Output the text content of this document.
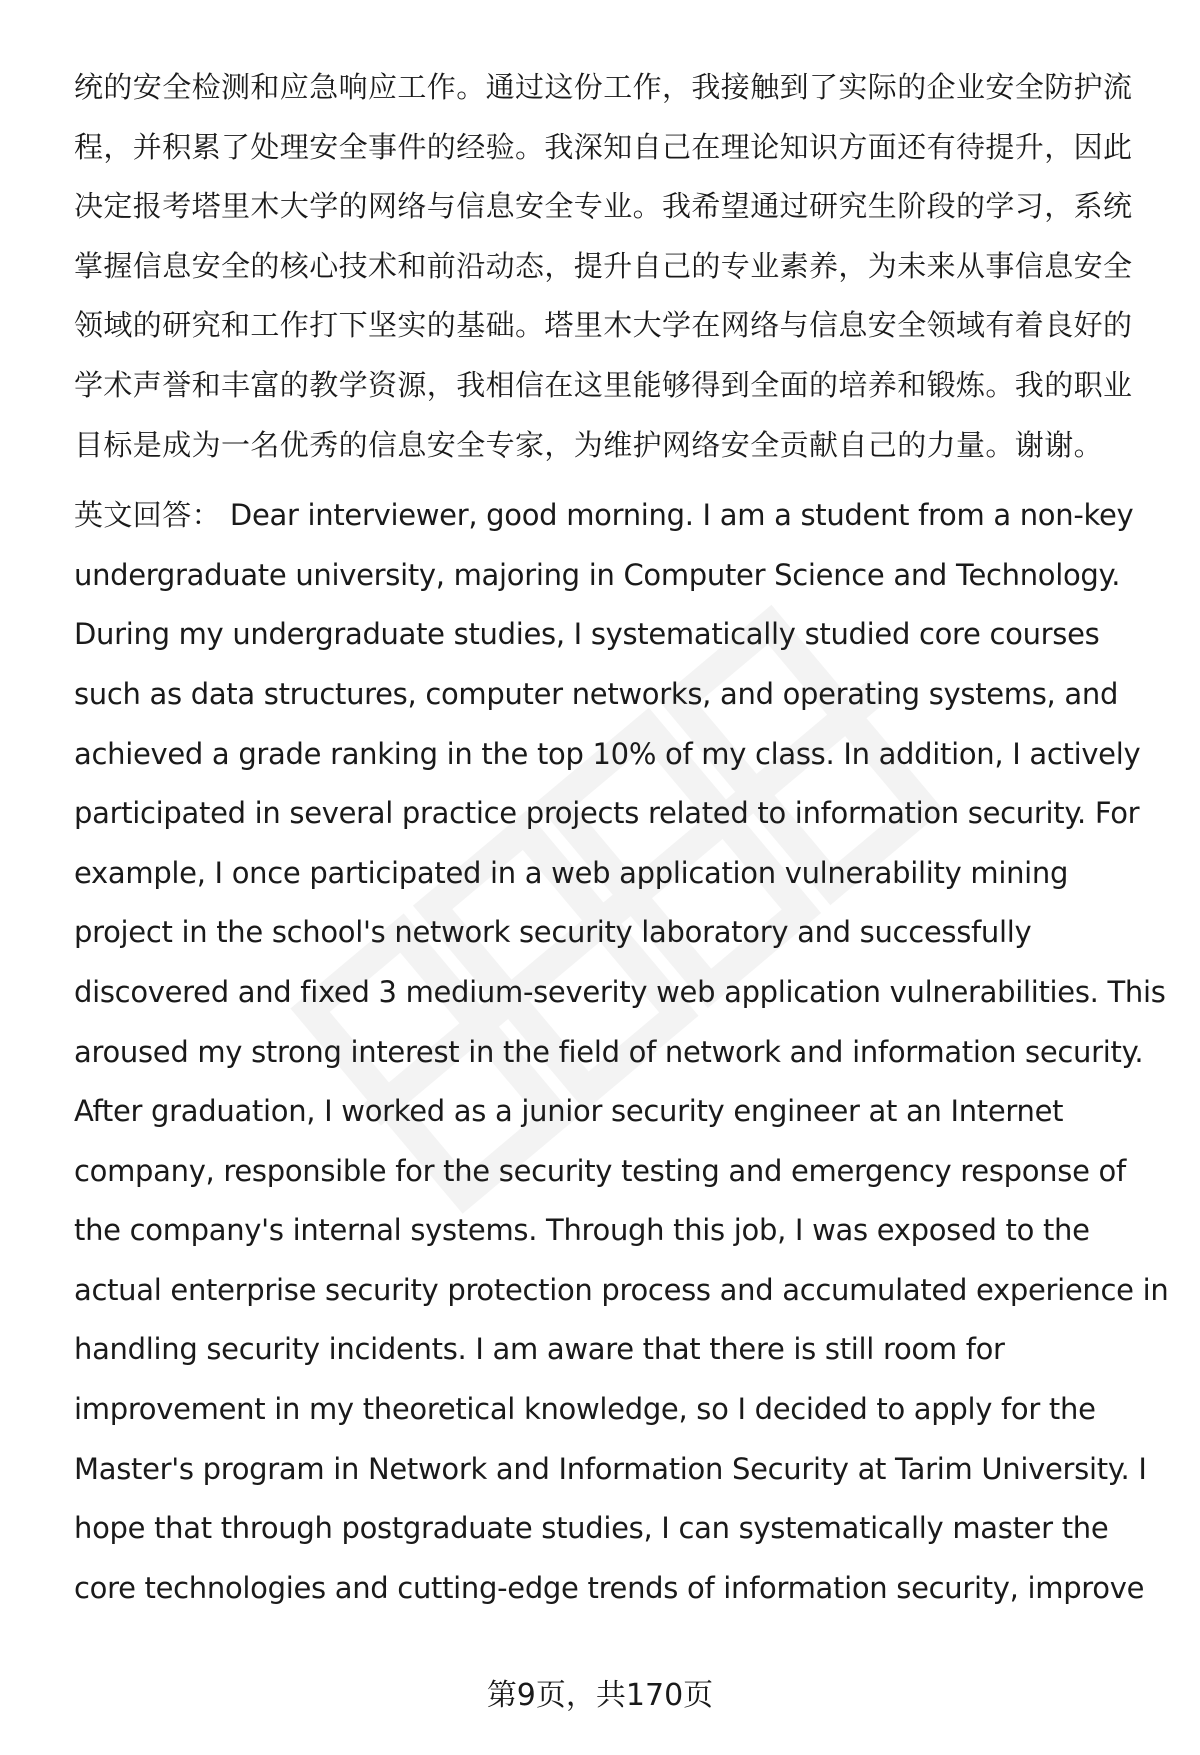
统的安全检测和应急响应工作。通过这份工作，我接触到了实际的企业安全防护流
程，并积累了处理安全事件的经验。我深知自己在理论知识方面还有待提升，因此
决定报考塔里木大学的网络与信息安全专业。我希望通过研究生阶段的学习，系统
掌握信息安全的核心技术和前沿动态，提升自己的专业素养，为未来从事信息安全
领域的研究和工作打下坚实的基础。塔里木大学在网络与信息安全领域有着良好的
学术声誉和丰富的教学资源，我相信在这里能够得到全面的培养和锻炼。我的职业
目标是成为一名优秀的信息安全专家，为维护网络安全贡献自己的力量。谢谢。
英文回答： Dear interviewer, good morning. I am a student from a non-key
undergraduate university, majoring in Computer Science and Technology.
During my undergraduate studies, I systematically studied core courses
such as data structures, computer networks, and operating systems, and
achieved a grade ranking in the top 10% of my class. In addition, I actively
participated in several practice projects related to information security. For
example, I once participated in a web application vulnerability mining
project in the school's network security laboratory and successfully
discovered and fixed 3 medium-severity web application vulnerabilities. This
aroused my strong interest in the field of network and information security.
After graduation, I worked as a junior security engineer at an Internet
company, responsible for the security testing and emergency response of
the company's internal systems. Through this job, I was exposed to the
actual enterprise security protection process and accumulated experience in
handling security incidents. I am aware that there is still room for
improvement in my theoretical knowledge, so I decided to apply for the
Master's program in Network and Information Security at Tarim University. I
hope that through postgraduate studies, I can systematically master the
core technologies and cutting-edge trends of information security, improve
第9页，共170页
